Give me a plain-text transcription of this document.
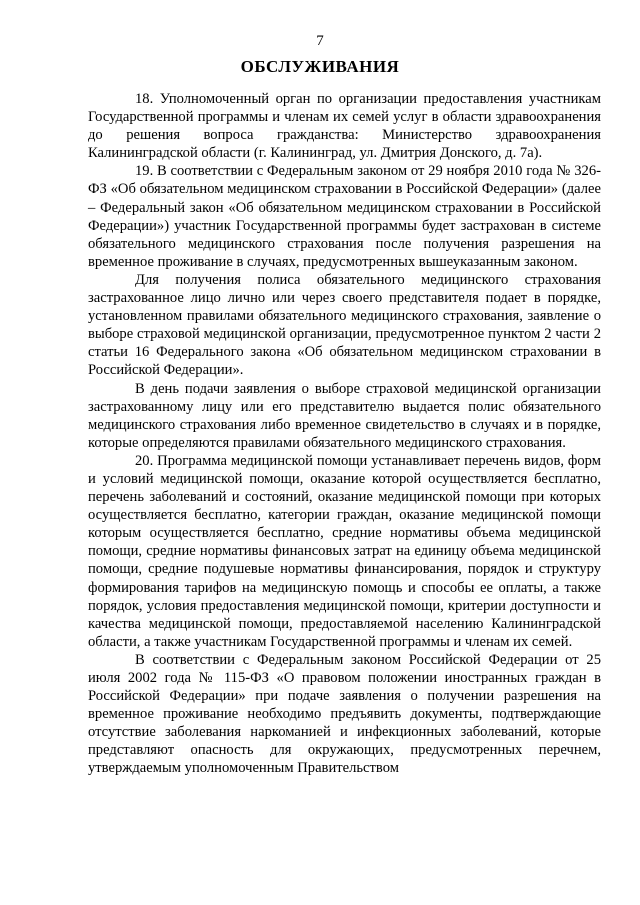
7
ОБСЛУЖИВАНИЯ

18. Уполномоченный орган по организации предоставления участникам Государственной программы и членам их семей услуг в области здравоохранения до решения вопроса гражданства: Министерство здравоохранения Калининградской области (г. Калининград, ул. Дмитрия Донского, д. 7а).

19. В соответствии с Федеральным законом от 29 ноября 2010 года № 326-ФЗ «Об обязательном медицинском страховании в Российской Федерации» (далее – Федеральный закон «Об обязательном медицинском страховании в Российской Федерации») участник Государственной программы будет застрахован в системе обязательного медицинского страхования после получения разрешения на временное проживание в случаях, предусмотренных вышеуказанным законом.

Для получения полиса обязательного медицинского страхования застрахованное лицо лично или через своего представителя подает в порядке, установленном правилами обязательного медицинского страхования, заявление о выборе страховой медицинской организации, предусмотренное пунктом 2 части 2 статьи 16 Федерального закона «Об обязательном медицинском страховании в Российской Федерации».

В день подачи заявления о выборе страховой медицинской организации застрахованному лицу или его представителю выдается полис обязательного медицинского страхования либо временное свидетельство в случаях и в порядке, которые определяются правилами обязательного медицинского страхования.

20. Программа медицинской помощи устанавливает перечень видов, форм и условий медицинской помощи, оказание которой осуществляется бесплатно, перечень заболеваний и состояний, оказание медицинской помощи при которых осуществляется бесплатно, категории граждан, оказание медицинской помощи которым осуществляется бесплатно, средние нормативы объема медицинской помощи, средние нормативы финансовых затрат на единицу объема медицинской помощи, средние подушевые нормативы финансирования, порядок и структуру формирования тарифов на медицинскую помощь и способы ее оплаты, а также порядок, условия предоставления медицинской помощи, критерии доступности и качества медицинской помощи, предоставляемой населению Калининградской области, а также участникам Государственной программы и членам их семей.

В соответствии с Федеральным законом Российской Федерации от 25 июля 2002 года № 115-ФЗ «О правовом положении иностранных граждан в Российской Федерации» при подаче заявления о получении разрешения на временное проживание необходимо предъявить документы, подтверждающие отсутствие заболевания наркоманией и инфекционных заболеваний, которые представляют опасность для окружающих, предусмотренных перечнем, утверждаемым уполномоченным Правительством
